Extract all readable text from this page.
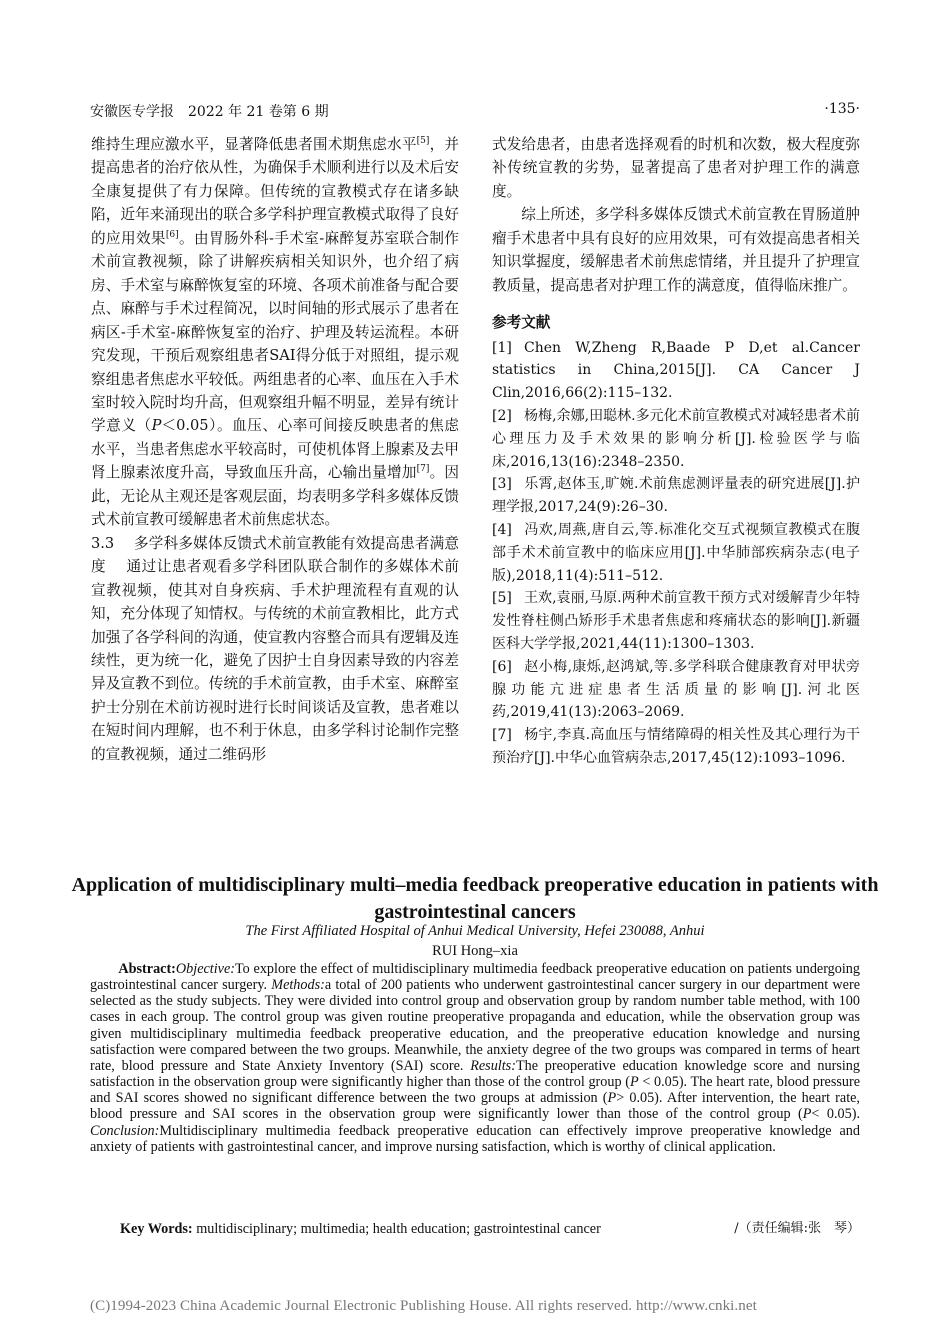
安徽医专学报　2022 年 21 卷第 6 期	·135·

维持生理应激水平，显著降低患者围术期焦虑水平[5]，并提高患者的治疗依从性，为确保手术顺利进行以及术后安全康复提供了有力保障。但传统的宣教模式存在诸多缺陷，近年来涌现出的联合多学科护理宣教模式取得了良好的应用效果[6]。由胃肠外科-手术室-麻醉复苏室联合制作术前宣教视频，除了讲解疾病相关知识外，也介绍了病房、手术室与麻醉恢复室的环境、各项术前准备与配合要点、麻醉与手术过程简况，以时间轴的形式展示了患者在病区-手术室-麻醉恢复室的治疗、护理及转运流程。本研究发现，干预后观察组患者SAI得分低于对照组，提示观察组患者焦虑水平较低。两组患者的心率、血压在入手术室时较入院时均升高，但观察组升幅不明显，差异有统计学意义（P＜0.05）。血压、心率可间接反映患者的焦虑水平，当患者焦虑水平较高时，可使机体肾上腺素及去甲肾上腺素浓度升高，导致血压升高，心输出量增加[7]。因此，无论从主观还是客观层面，均表明多学科多媒体反馈式术前宣教可缓解患者术前焦虑状态。

3.3　 多学科多媒体反馈式术前宣教能有效提高患者满意度　 通过让患者观看多学科团队联合制作的多媒体术前宣教视频，使其对自身疾病、手术护理流程有直观的认知，充分体现了知情权。与传统的术前宣教相比，此方式加强了各学科间的沟通，使宣教内容整合而具有逻辑及连续性，更为统一化，避免了因护士自身因素导致的内容差异及宣教不到位。传统的手术前宣教，由手术室、麻醉室护士分别在术前访视时进行长时间谈话及宣教，患者难以在短时间内理解，也不利于休息，由多学科讨论制作完整的宣教视频，通过二维码形

式发给患者，由患者选择观看的时机和次数，极大程度弥补传统宣教的劣势，显著提高了患者对护理工作的满意度。

综上所述，多学科多媒体反馈式术前宣教在胃肠道肿瘤手术患者中具有良好的应用效果，可有效提高患者相关知识掌握度，缓解患者术前焦虑情绪，并且提升了护理宣教质量，提高患者对护理工作的满意度，值得临床推广。

参考文献

[1] Chen W,Zheng R,Baade P D,et al.Cancer statistics in China,2015[J]. CA Cancer J Clin,2016,66(2):115–132.

[2] 杨梅,余娜,田聪林.多元化术前宣教模式对减轻患者术前心理压力及手术效果的影响分析[J].检验医学与临床,2016,13(16):2348–2350.

[3] 乐霄,赵体玉,旷婉.术前焦虑测评量表的研究进展[J].护理学报,2017,24(9):26–30.

[4] 冯欢,周燕,唐自云,等.标准化交互式视频宣教模式在腹部手术术前宣教中的临床应用[J].中华肺部疾病杂志(电子版),2018,11(4):511–512.

[5] 王欢,袁丽,马原.两种术前宣教干预方式对缓解青少年特发性脊柱侧凸矫形手术患者焦虑和疼痛状态的影响[J].新疆医科大学学报,2021,44(11):1300–1303.

[6] 赵小梅,康烁,赵鸿斌,等.多学科联合健康教育对甲状旁腺功能亢进症患者生活质量的影响[J].河北医药,2019,41(13):2063–2069.

[7] 杨宇,李真.高血压与情绪障碍的相关性及其心理行为干预治疗[J].中华心血管病杂志,2017,45(12):1093–1096.

Application of multidisciplinary multi–media feedback preoperative education in patients with gastrointestinal cancers
The First Affiliated Hospital of Anhui Medical University, Hefei 230088, Anhui
RUI Hong–xia

Abstract:Objective:To explore the effect of multidisciplinary multimedia feedback preoperative education on patients undergoing gastrointestinal cancer surgery. Methods:a total of 200 patients who underwent gastrointestinal cancer surgery in our department were selected as the study subjects. They were divided into control group and observation group by random number table method, with 100 cases in each group. The control group was given routine preoperative propaganda and education, while the observation group was given multidisciplinary multimedia feedback preoperative education, and the preoperative education knowledge and nursing satisfaction were compared between the two groups. Meanwhile, the anxiety degree of the two groups was compared in terms of heart rate, blood pressure and State Anxiety Inventory (SAI) score. Results:The preoperative education knowledge score and nursing satisfaction in the observation group were significantly higher than those of the control group (P < 0.05). The heart rate, blood pressure and SAI scores showed no significant difference between the two groups at admission (P> 0.05). After intervention, the heart rate, blood pressure and SAI scores in the observation group were significantly lower than those of the control group (P< 0.05). Conclusion:Multidisciplinary multimedia feedback preoperative education can effectively improve preoperative knowledge and anxiety of patients with gastrointestinal cancer, and improve nursing satisfaction, which is worthy of clinical application.

Key Words: multidisciplinary; multimedia; health education; gastrointestinal cancer	/（责任编辑:张　琴）
(C)1994-2023 China Academic Journal Electronic Publishing House. All rights reserved. http://www.cnki.net
